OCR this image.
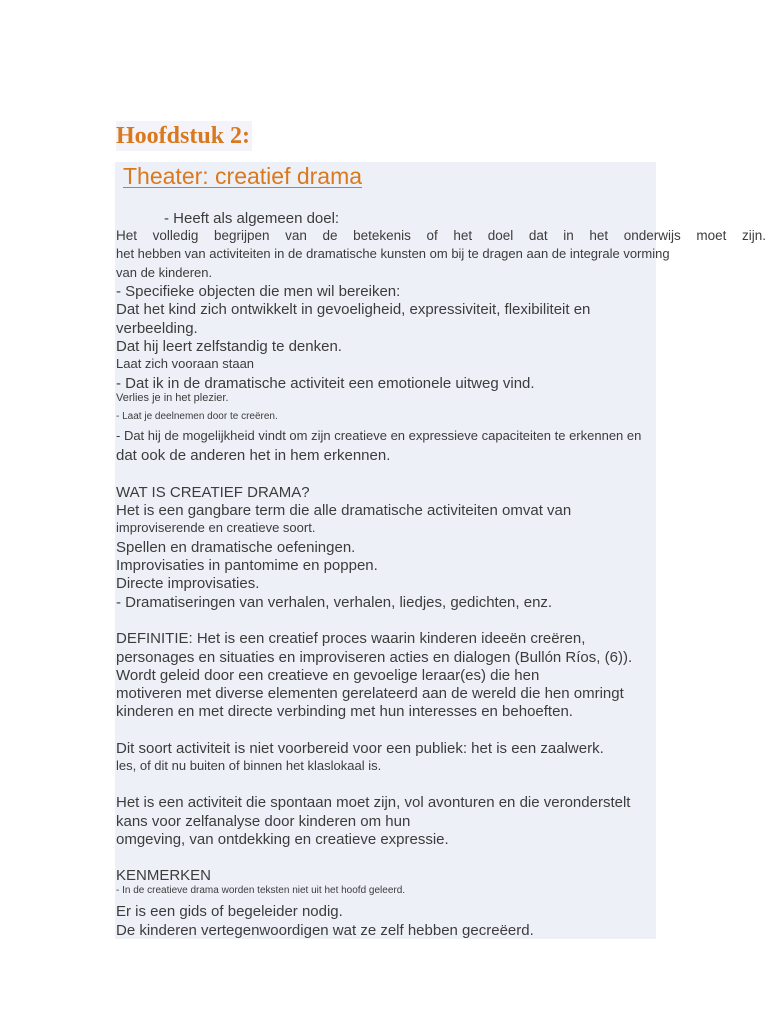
Hoofdstuk 2:
Theater: creatief drama
- Heeft als algemeen doel:
Het volledig begrijpen van de betekenis of het doel dat in het onderwijs moet zijn.
het hebben van activiteiten in de dramatische kunsten om bij te dragen aan de integrale vorming
van de kinderen.
- Specifieke objecten die men wil bereiken:
Dat het kind zich ontwikkelt in gevoeligheid, expressiviteit, flexibiliteit en
verbeelding.
Dat hij leert zelfstandig te denken.
Laat zich vooraan staan
- Dat ik in de dramatische activiteit een emotionele uitweg vind.
Verlies je in het plezier.
- Laat je deelnemen door te creëren.
- Dat hij de mogelijkheid vindt om zijn creatieve en expressieve capaciteiten te erkennen en
dat ook de anderen het in hem erkennen.
WAT IS CREATIEF DRAMA?
Het is een gangbare term die alle dramatische activiteiten omvat van
improviserende en creatieve soort.
Spellen en dramatische oefeningen.
Improvisaties in pantomime en poppen.
Directe improvisaties.
- Dramatiseringen van verhalen, verhalen, liedjes, gedichten, enz.
DEFINITIE: Het is een creatief proces waarin kinderen ideeën creëren,
personages en situaties en improviseren acties en dialogen (Bullón Ríos, (6)).
Wordt geleid door een creatieve en gevoelige leraar(es) die hen
motiveren met diverse elementen gerelateerd aan de wereld die hen omringt
kinderen en met directe verbinding met hun interesses en behoeften.
Dit soort activiteit is niet voorbereid voor een publiek: het is een zaalwerk.
les, of dit nu buiten of binnen het klaslokaal is.
Het is een activiteit die spontaan moet zijn, vol avonturen en die veronderstelt
kans voor zelfanalyse door kinderen om hun
omgeving, van ontdekking en creatieve expressie.
KENMERKEN
- In de creatieve drama worden teksten niet uit het hoofd geleerd.
Er is een gids of begeleider nodig.
De kinderen vertegenwoordigen wat ze zelf hebben gecreëerd.
